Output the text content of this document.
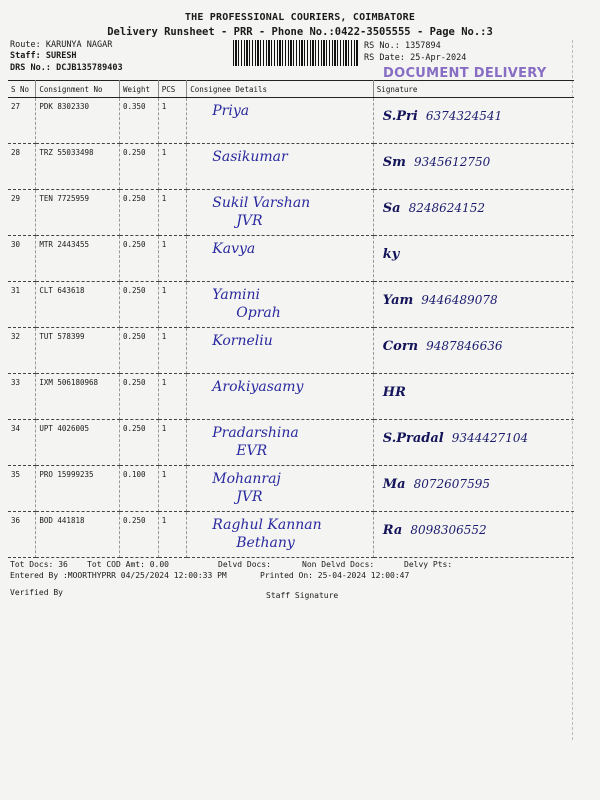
THE PROFESSIONAL COURIERS, COIMBATORE
Delivery Runsheet - PRR - Phone No.:0422-3505555 - Page No.:3
Route: KARUNYA NAGAR
Staff: SURESH
DRS No.: DCJB135789403
RS No.: 1357894
RS Date: 25-Apr-2024
DOCUMENT DELIVERY
S No	Consignment No	Weight	PCS	Consignee Details	Signature
27	PDK 8302330	0.350	1	Priya	S.Pri 6374324541

28	TRZ 55033498	0.250	1	Sasikumar	Sm 9345612750

29	TEN 7725959	0.250	1	Sukil Varshan
JVR	Sa 8248624152

30	MTR 2443455	0.250	1	Kavya	ky

31	CLT 643618	0.250	1	Yamini
Oprah	Yam 9446489078

32	TUT 578399	0.250	1	Korneliu	Corn 9487846636

33	IXM 506180968	0.250	1	Arokiyasamy	HR

34	UPT 4026005	0.250	1	Pradarshina
EVR	S.Pradal 9344427104

35	PRO 15999235	0.100	1	Mohanraj
JVR	Ma 8072607595

36	BOD 441818	0.250	1	Raghul Kannan
Bethany	Ra 8098306552
Tot Docs: 36 Tot COD Amt: 0.00	Delvd Docs:	Non Delvd Docs:	Delvy Pts:
Entered By :MOORTHYPRR 04/25/2024 12:00:33 PM	Printed On: 25-04-2024 12:00:47
Verified By	Staff Signature
